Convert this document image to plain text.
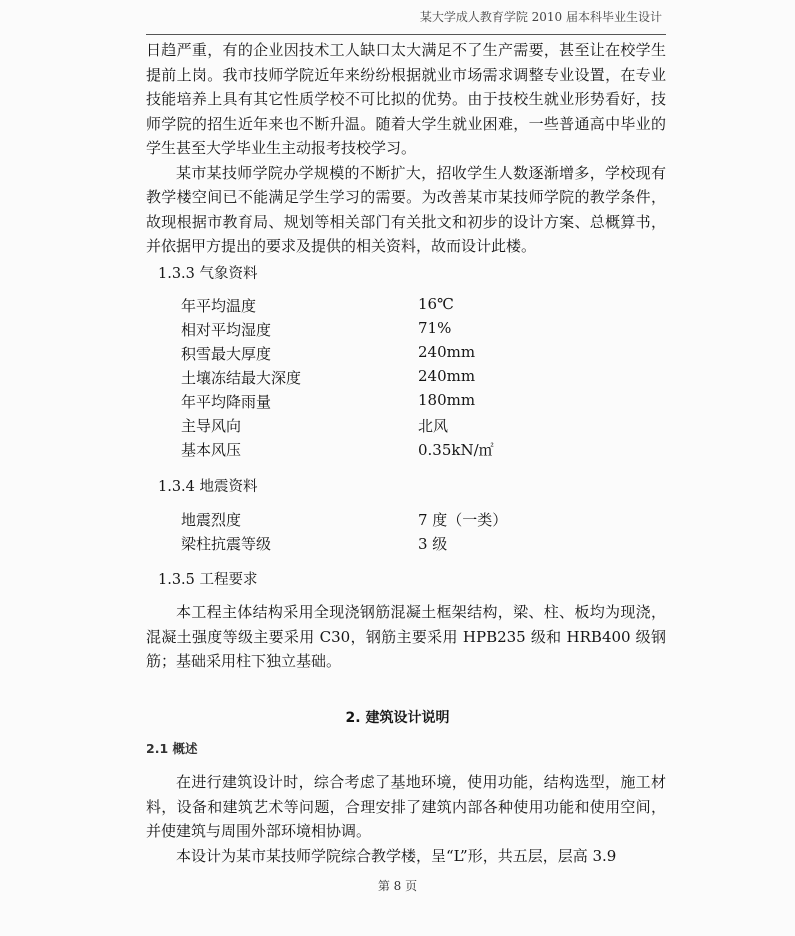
某大学成人教育学院 2010 届本科毕业生设计

日趋严重，有的企业因技术工人缺口太大满足不了生产需要，甚至让在校学生提前上岗。我市技师学院近年来纷纷根据就业市场需求调整专业设置，在专业技能培养上具有其它性质学校不可比拟的优势。由于技校生就业形势看好，技师学院的招生近年来也不断升温。随着大学生就业困难，一些普通高中毕业的学生甚至大学毕业生主动报考技校学习。

某市某技师学院办学规模的不断扩大，招收学生人数逐渐增多，学校现有教学楼空间已不能满足学生学习的需要。为改善某市某技师学院的教学条件，故现根据市教育局、规划等相关部门有关批文和初步的设计方案、总概算书，并依据甲方提出的要求及提供的相关资料，故而设计此楼。

1.3.3 气象资料
年平均温度	16℃
相对平均湿度	71%
积雪最大厚度	240mm
土壤冻结最大深度	240mm
年平均降雨量	180mm
主导风向	北风
基本风压	0.35kN/㎡
1.3.4 地震资料
地震烈度	7 度（一类）
梁柱抗震等级	3 级
1.3.5 工程要求

本工程主体结构采用全现浇钢筋混凝土框架结构，梁、柱、板均为现浇，混凝土强度等级主要采用 C30，钢筋主要采用 HPB235 级和 HRB400 级钢筋；基础采用柱下独立基础。

2. 建筑设计说明
2.1 概述

在进行建筑设计时，综合考虑了基地环境，使用功能，结构选型，施工材料，设备和建筑艺术等问题，合理安排了建筑内部各种使用功能和使用空间，并使建筑与周围外部环境相协调。

本设计为某市某技师学院综合教学楼，呈“L”形，共五层，层高 3.9

第 8 页
